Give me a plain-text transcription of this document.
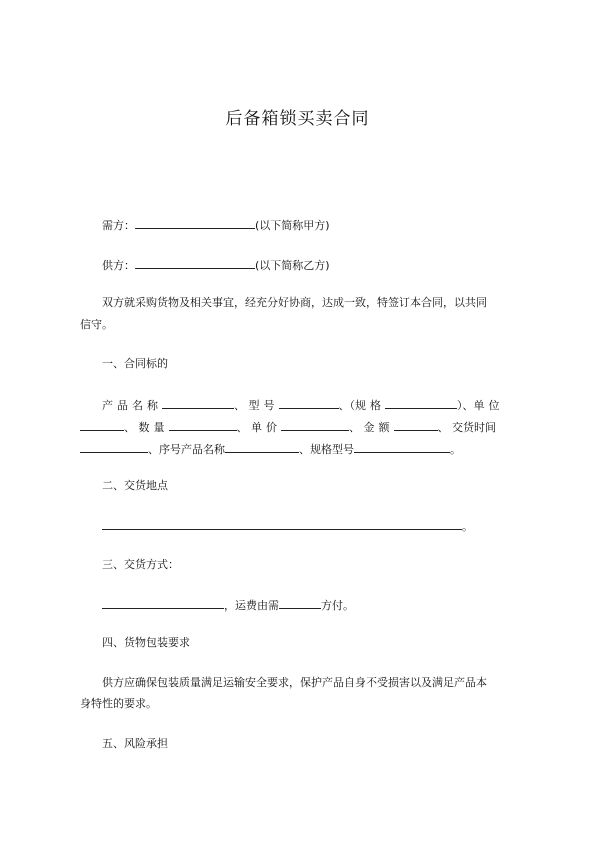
后备箱锁买卖合同
需方：	(以下简称甲方)
供方：	(以下简称乙方)
双方就采购货物及相关事宜，经充分好协商，达成一致，特签订本合同，以共同
信守。
一、合同标的
产品名称	、 型号	、（规格	）、单位
、 数量	、 单价	、 金额	、 交货时间
、序号产品名称	、规格型号	。
二、交货地点
。
三、交货方式：
，运费由需	方付。
四、货物包装要求
供方应确保包装质量满足运输安全要求，保护产品自身不受损害以及满足产品本
身特性的要求。
五、风险承担
